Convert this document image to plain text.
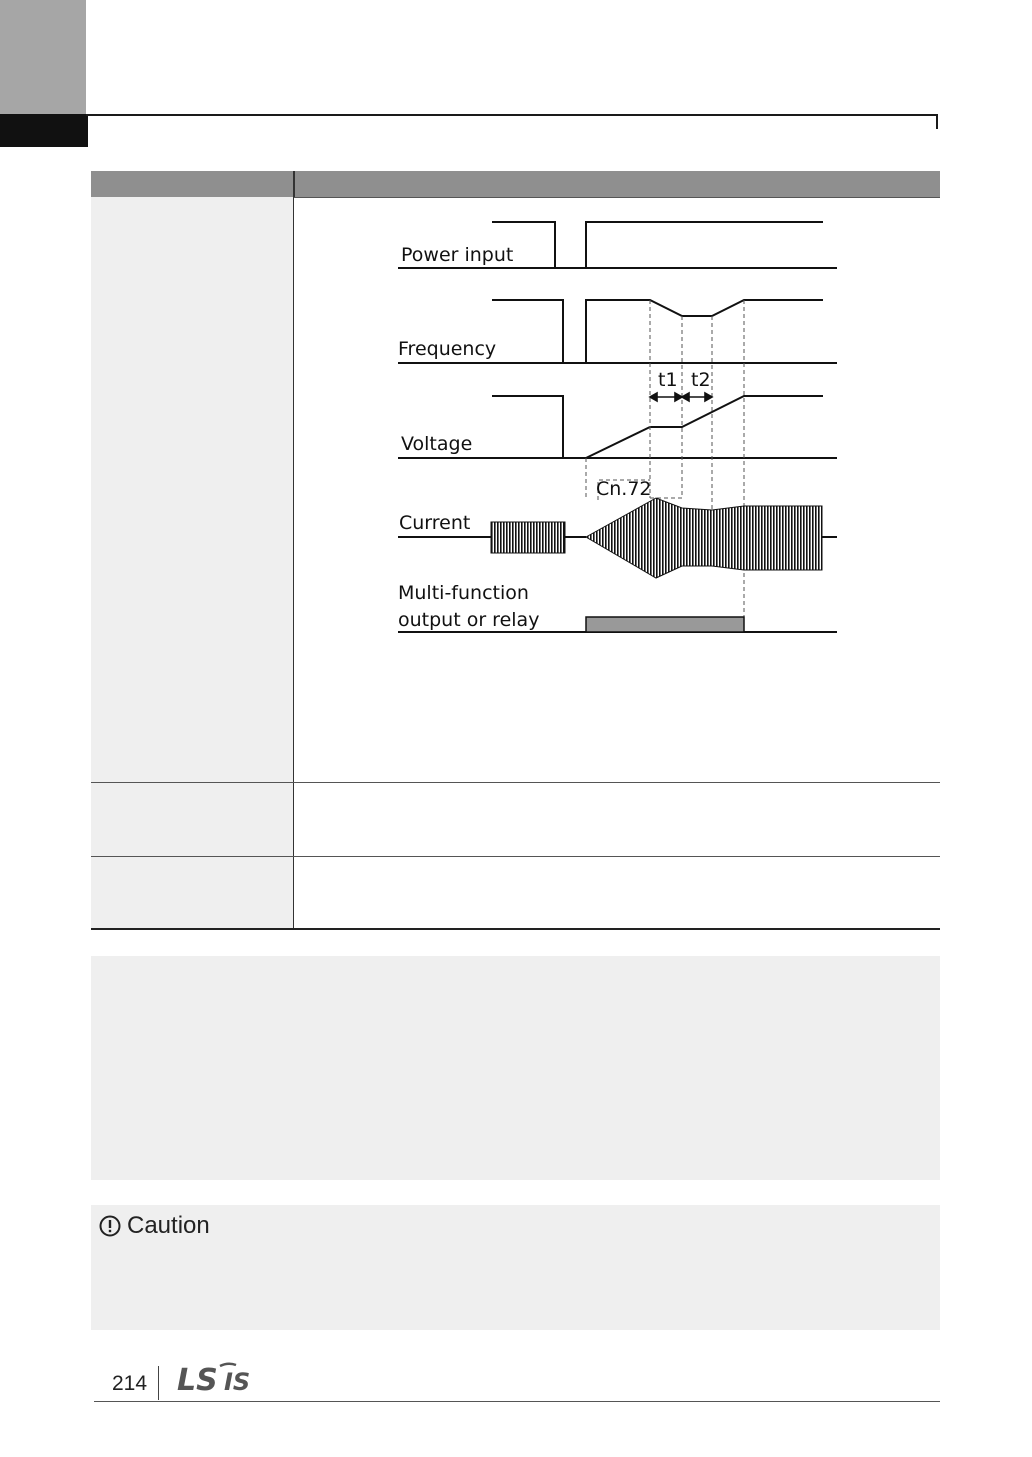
Power input
Frequency
Voltage
Current
Multi-function
output or relay
t1 t2
Cn.72
Caution
214 LS IS
